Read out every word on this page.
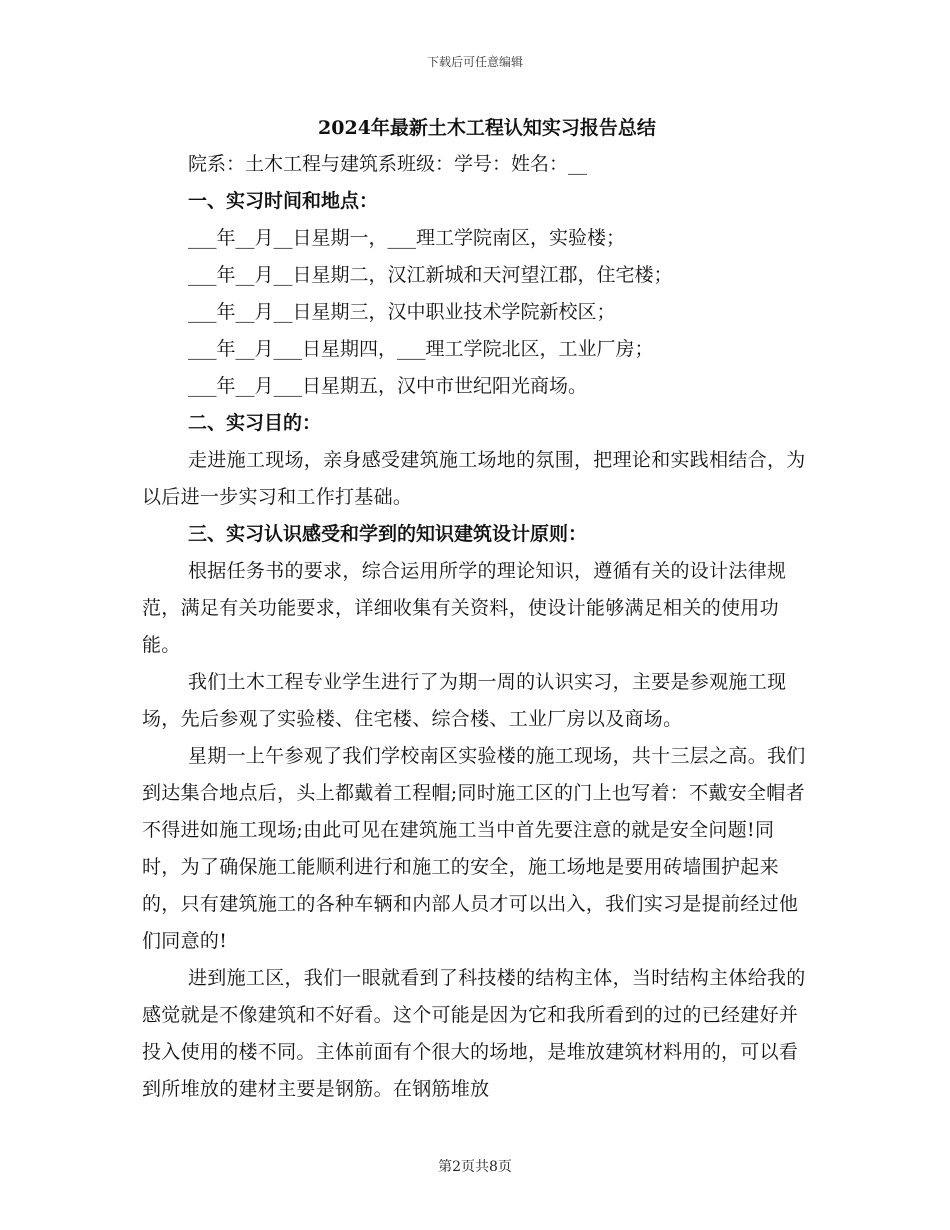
下载后可任意编辑

2024年最新土木工程认知实习报告总结

院系：土木工程与建筑系班级：学号：姓名：__

一、实习时间和地点：

___年__月__日星期一，___理工学院南区，实验楼；

___年__月__日星期二，汉江新城和天河望江郡，住宅楼；

___年__月__日星期三，汉中职业技术学院新校区；

___年__月___日星期四，___理工学院北区，工业厂房；

___年__月___日星期五，汉中市世纪阳光商场。

二、实习目的：

走进施工现场，亲身感受建筑施工场地的氛围，把理论和实践相结合，为以后进一步实习和工作打基础。

三、实习认识感受和学到的知识建筑设计原则：

根据任务书的要求，综合运用所学的理论知识，遵循有关的设计法律规范，满足有关功能要求，详细收集有关资料，使设计能够满足相关的使用功能。

我们土木工程专业学生进行了为期一周的认识实习，主要是参观施工现场，先后参观了实验楼、住宅楼、综合楼、工业厂房以及商场。

星期一上午参观了我们学校南区实验楼的施工现场，共十三层之高。我们到达集合地点后，头上都戴着工程帽;同时施工区的门上也写着：不戴安全帽者不得进如施工现场;由此可见在建筑施工当中首先要注意的就是安全问题!同时，为了确保施工能顺利进行和施工的安全，施工场地是要用砖墙围护起来的，只有建筑施工的各种车辆和内部人员才可以出入，我们实习是提前经过他们同意的!

进到施工区，我们一眼就看到了科技楼的结构主体，当时结构主体给我的感觉就是不像建筑和不好看。这个可能是因为它和我所看到的过的已经建好并投入使用的楼不同。主体前面有个很大的场地，是堆放建筑材料用的，可以看到所堆放的建材主要是钢筋。在钢筋堆放

第2页共8页
